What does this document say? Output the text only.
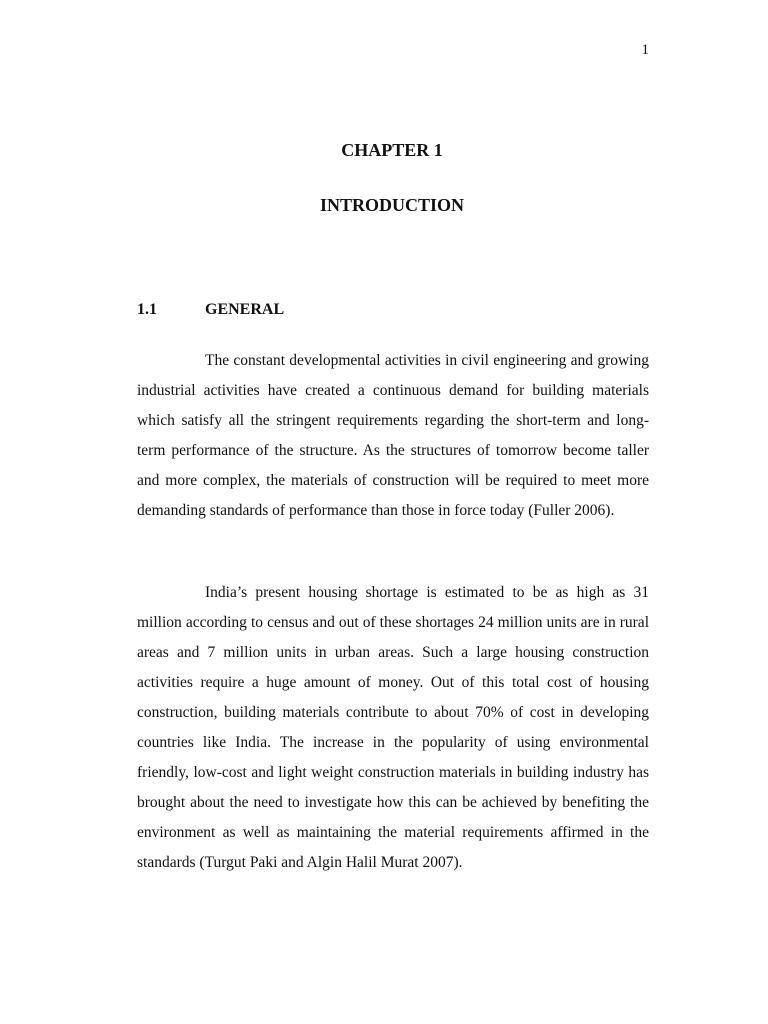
1
CHAPTER 1
INTRODUCTION
1.1	GENERAL

The constant developmental activities in civil engineering and growing industrial activities have created a continuous demand for building materials which satisfy all the stringent requirements regarding the short-term and long-term performance of the structure. As the structures of tomorrow become taller and more complex, the materials of construction will be required to meet more demanding standards of performance than those in force today (Fuller 2006).

India’s present housing shortage is estimated to be as high as 31 million according to census and out of these shortages 24 million units are in rural areas and 7 million units in urban areas. Such a large housing construction activities require a huge amount of money. Out of this total cost of housing construction, building materials contribute to about 70% of cost in developing countries like India. The increase in the popularity of using environmental friendly, low-cost and light weight construction materials in building industry has brought about the need to investigate how this can be achieved by benefiting the environment as well as maintaining the material requirements affirmed in the standards (Turgut Paki and Algin Halil Murat 2007).
